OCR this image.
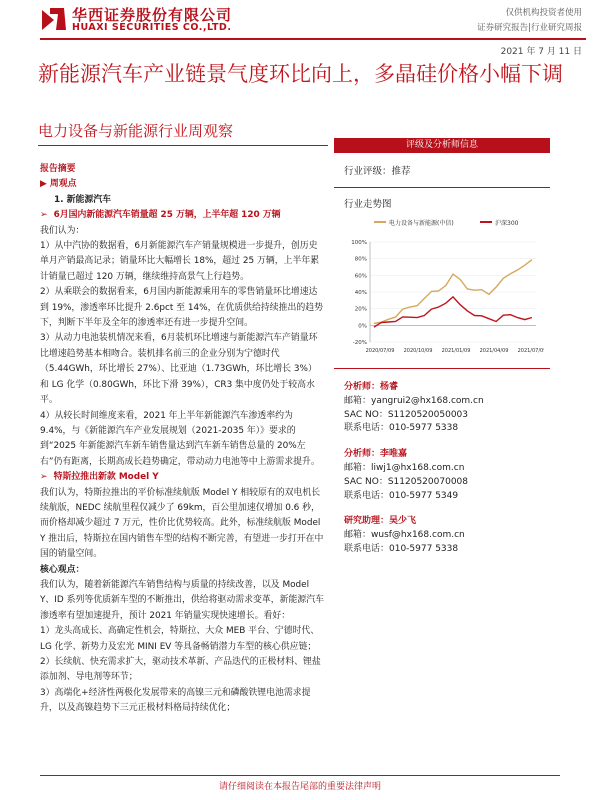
华西证券股份有限公司
HUAXI SECURITIES CO.,LTD.
仅供机构投资者使用
证券研究报告|行业研究周报
2021 年 7 月 11 日
新能源汽车产业链景气度环比向上，多晶硅价格小幅下调
电力设备与新能源行业周观察

报告摘要

▶ 周观点

1. 新能源汽车

➢ 6月国内新能源汽车销量超 25 万辆，上半年超 120 万辆

我们认为：

1）从中汽协的数据看，6月新能源汽车产销量规模进一步提升，创历史单月产销最高记录；销量环比大幅增长 18%，超过 25 万辆，上半年累计销量已超过 120 万辆，继续维持高景气上行趋势。

2）从乘联会的数据看来，6月国内新能源乘用车的零售销量环比增速达到 19%，渗透率环比提升 2.6pct 至 14%，在优质供给持续推出的趋势下，判断下半年及全年的渗透率还有进一步提升空间。

3）从动力电池装机情况来看，6月装机环比增速与新能源汽车产销量环比增速趋势基本相吻合。装机排名前三的企业分别为宁德时代（5.44GWh，环比增长 27%）、比亚迪（1.73GWh，环比增长 3%）和 LG 化学（0.80GWh，环比下滑 39%），CR3 集中度仍处于较高水平。

4）从较长时间维度来看，2021 年上半年新能源汽车渗透率约为 9.4%，与《新能源汽车产业发展规划（2021-2035 年）》要求的到“2025 年新能源汽车新车销售量达到汽车新车销售总量的 20%左右”仍有距离，长期高成长趋势确定，带动动力电池等中上游需求提升。

➢ 特斯拉推出新款 Model Y

我们认为，特斯拉推出的平价标准续航版 Model Y 相较原有的双电机长续航版，NEDC 续航里程仅减少了 69km，百公里加速仅增加 0.6 秒，而价格却减少超过 7 万元，性价比优势较高。此外，标准续航版 Model Y 推出后，特斯拉在国内销售车型的结构不断完善，有望进一步打开在中国的销量空间。

核心观点：

我们认为，随着新能源汽车销售结构与质量的持续改善，以及 Model Y、ID 系列等优质新车型的不断推出，供给将驱动需求变革，新能源汽车渗透率有望加速提升，预计 2021 年销量实现快速增长。看好：

1）龙头高成长、高确定性机会，特斯拉、大众 MEB 平台、宁德时代、LG 化学、新势力及宏光 MINI EV 等具备畅销潜力车型的核心供应链；

2）长续航、快充需求扩大，驱动技术革新、产品迭代的正极材料、锂盐添加剂、导电剂等环节；

3）高端化+经济性两极化发展带来的高镍三元和磷酸铁锂电池需求提升，以及高镍趋势下三元正极材料格局持续优化；

评级及分析师信息
行业评级：推荐
行业走势图
电力设备与新能源(中信)	沪深300
-20%
0%
20%
40%
60%
80%
100%
2020/07/09 2020/10/09 2021/01/09 2021/04/09 2021/07/09
分析师：杨睿
邮箱：yangrui2@hx168.com.cn
SAC NO：S1120520050003
联系电话：010-5977 5338
分析师：李唯嘉
邮箱：liwj1@hx168.com.cn
SAC NO：S1120520070008
联系电话：010-5977 5349
研究助理：吴少飞
邮箱：wusf@hx168.com.cn
联系电话：010-5977 5338
请仔细阅读在本报告尾部的重要法律声明
